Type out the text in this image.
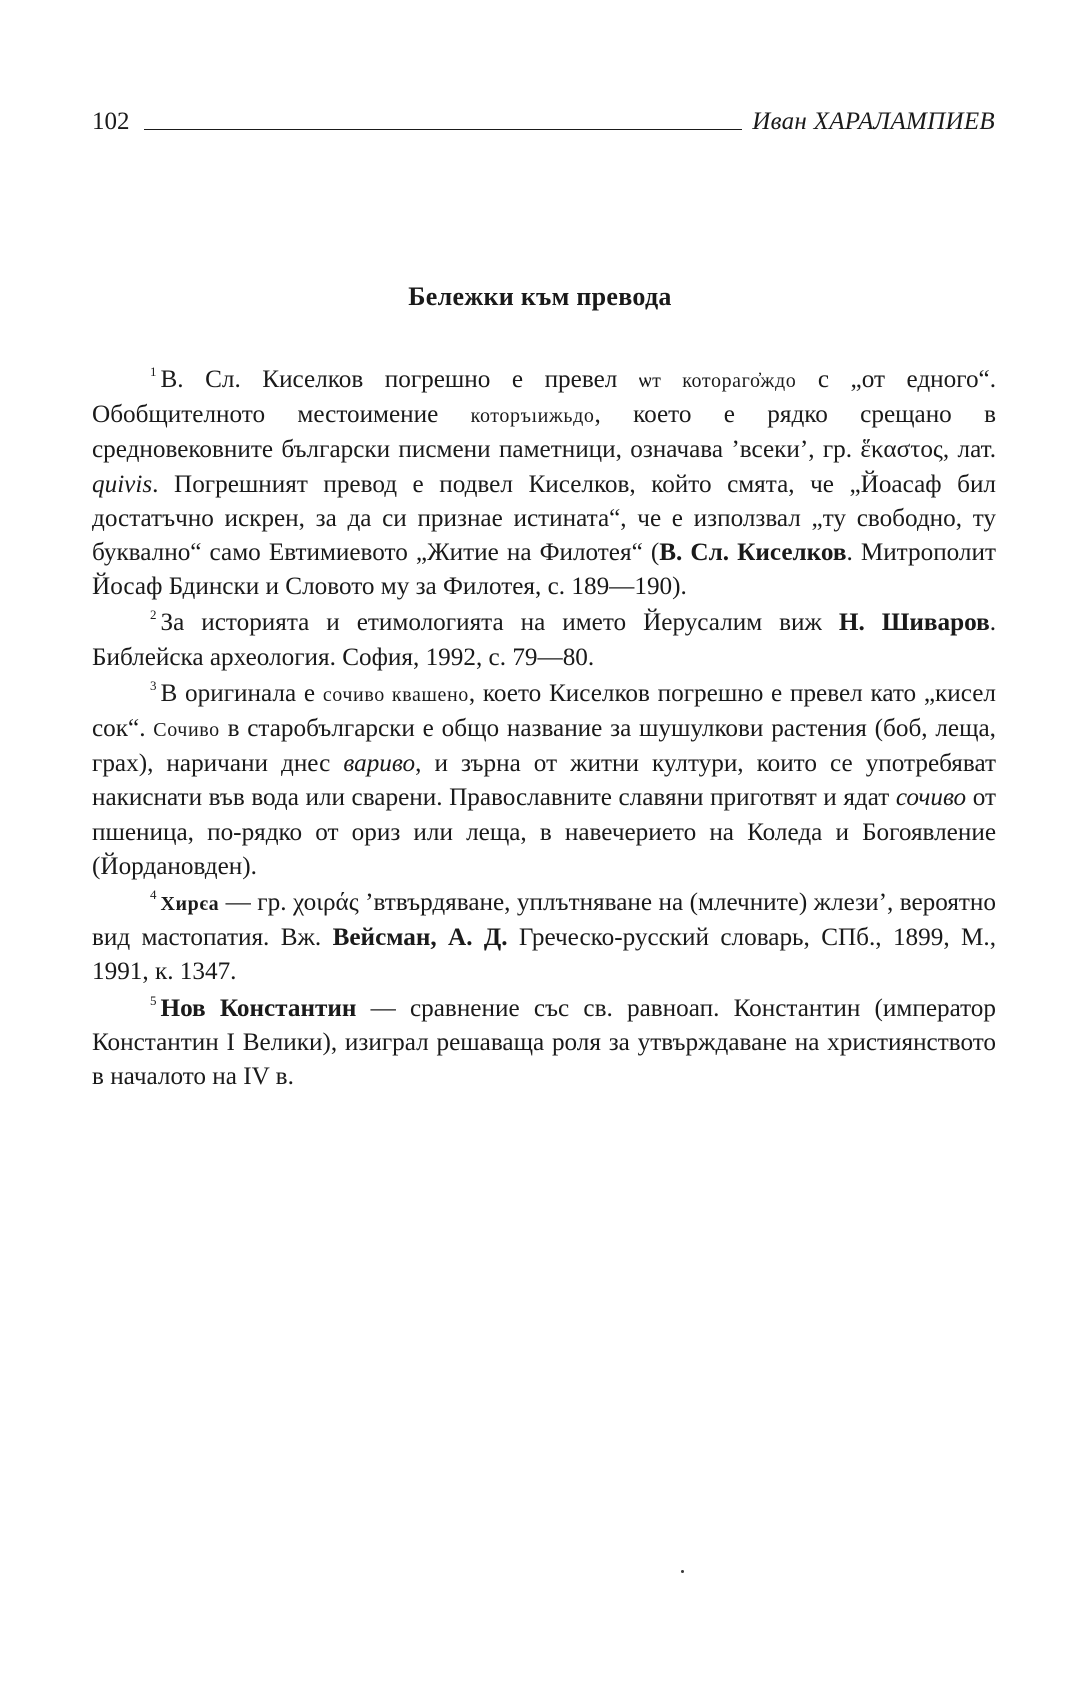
102	Иван ХАРАЛАМПИЕВ
Бележки към превода

$^1$ В. Сл. Киселков погрешно е превел ѡт котораго҆ждо с „от едного“. Обобщителното местоимение которъıижьдо, което е рядко срещано в средновековните български писмени паметници, означава ’всеки’, гр. ἕκαστος, лат. quivis. Погрешният превод е подвел Киселков, който смята, че „Йоасаф бил достатъчно искрен, за да си признае истината“, че е използвал „ту свободно, ту буквално“ само Евтимиевото „Житие на Филотея“ (В. Сл. Киселков. Митрополит Йосаф Бдински и Словото му за Филотея, с. 189—190).

$^2$ За историята и етимологията на името Йерусалим виж Н. Шиваров. Библейска археология. София, 1992, с. 79—80.

$^3$ В оригинала е сочиво квашено, което Киселков погрешно е превел като „кисел сок“. Сочиво в старобългарски е общо название за шушулкови растения (боб, леща, грах), наричани днес вариво, и зърна от житни култури, които се употребяват накиснати във вода или сварени. Православните славяни приготвят и ядат сочиво от пшеница, по-рядко от ориз или леща, в навечерието на Коледа и Богоявление (Йордановден).

$^4$ Хирєа — гр. χοιράς ’втвърдяване, уплътняване на (млечните) жлези’, вероятно вид мастопатия. Вж. Вейсман, А. Д. Греческо-русский словарь, СПб., 1899, М., 1991, к. 1347.

$^5$ Нов Константин — сравнение със св. равноап. Константин (император Константин I Велики), изиграл решаваща роля за утвърждаване на християнството в началото на IV в.
